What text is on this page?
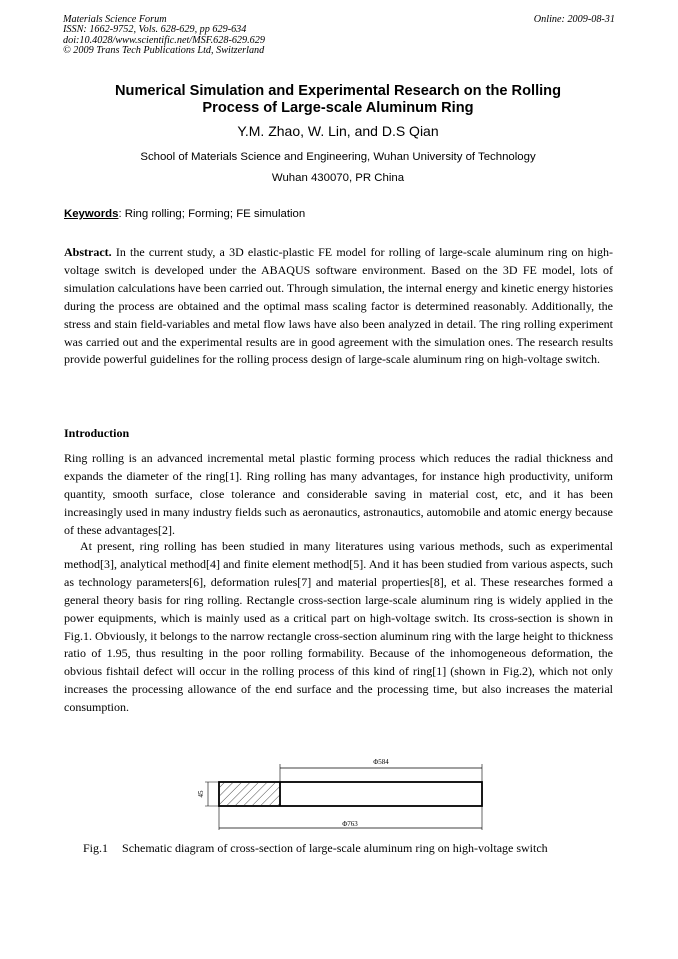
Materials Science Forum
ISSN: 1662-9752, Vols. 628-629, pp 629-634
doi:10.4028/www.scientific.net/MSF.628-629.629
© 2009 Trans Tech Publications Ltd, Switzerland
Online: 2009-08-31
Numerical Simulation and Experimental Research on the Rolling
Process of Large-scale Aluminum Ring
Y.M. Zhao, W. Lin, and D.S Qian
School of Materials Science and Engineering, Wuhan University of Technology
Wuhan 430070, PR China
Keywords: Ring rolling; Forming; FE simulation
Abstract. In the current study, a 3D elastic-plastic FE model for rolling of large-scale aluminum ring on high-voltage switch is developed under the ABAQUS software environment. Based on the 3D FE model, lots of simulation calculations have been carried out. Through simulation, the internal energy and kinetic energy histories during the process are obtained and the optimal mass scaling factor is determined reasonably. Additionally, the stress and stain field-variables and metal flow laws have also been analyzed in detail. The ring rolling experiment was carried out and the experimental results are in good agreement with the simulation ones. The research results provide powerful guidelines for the rolling process design of large-scale aluminum ring on high-voltage switch.
Introduction
Ring rolling is an advanced incremental metal plastic forming process which reduces the radial thickness and expands the diameter of the ring[1]. Ring rolling has many advantages, for instance high productivity, uniform quantity, smooth surface, close tolerance and considerable saving in material cost, etc, and it has been increasingly used in many industry fields such as aeronautics, astronautics, automobile and atomic energy because of these advantages[2].
At present, ring rolling has been studied in many literatures using various methods, such as experimental method[3], analytical method[4] and finite element method[5]. And it has been studied from various aspects, such as technology parameters[6], deformation rules[7] and material properties[8], et al. These researches formed a general theory basis for ring rolling. Rectangle cross-section large-scale aluminum ring is widely applied in the power equipments, which is mainly used as a critical part on high-voltage switch. Its cross-section is shown in Fig.1. Obviously, it belongs to the narrow rectangle cross-section aluminum ring with the large height to thickness ratio of 1.95, thus resulting in the poor rolling formability. Because of the inhomogeneous deformation, the obvious fishtail defect will occur in the rolling process of this kind of ring[1] (shown in Fig.2), which not only increases the processing allowance of the end surface and the processing time, but also increases the material consumption.
Φ584
45
Φ763
Fig.1 Schematic diagram of cross-section of large-scale aluminum ring on high-voltage switch
